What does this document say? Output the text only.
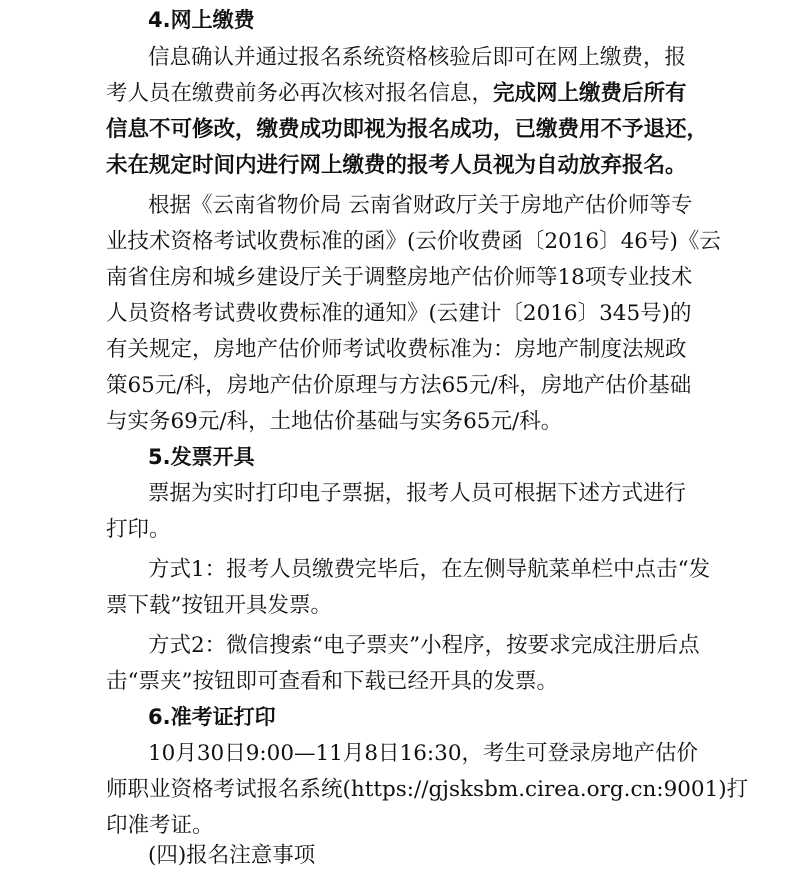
4.网上缴费
信息确认并通过报名系统资格核验后即可在网上缴费，报
考人员在缴费前务必再次核对报名信息，完成网上缴费后所有
信息不可修改，缴费成功即视为报名成功，已缴费用不予退还，
未在规定时间内进行网上缴费的报考人员视为自动放弃报名。
根据《云南省物价局 云南省财政厅关于房地产估价师等专
业技术资格考试收费标准的函》(云价收费函〔2016〕46号)《云
南省住房和城乡建设厅关于调整房地产估价师等18项专业技术
人员资格考试费收费标准的通知》(云建计〔2016〕345号)的
有关规定，房地产估价师考试收费标准为：房地产制度法规政
策65元/科，房地产估价原理与方法65元/科，房地产估价基础
与实务69元/科，土地估价基础与实务65元/科。
5.发票开具
票据为实时打印电子票据，报考人员可根据下述方式进行
打印。
方式1：报考人员缴费完毕后，在左侧导航菜单栏中点击“发
票下载”按钮开具发票。
方式2：微信搜索“电子票夹”小程序，按要求完成注册后点
击“票夹”按钮即可查看和下载已经开具的发票。
6.准考证打印
10月30日9:00—11月8日16:30，考生可登录房地产估价
师职业资格考试报名系统(https://gjsksbm.cirea.org.cn:9001)打
印准考证。
(四)报名注意事项
